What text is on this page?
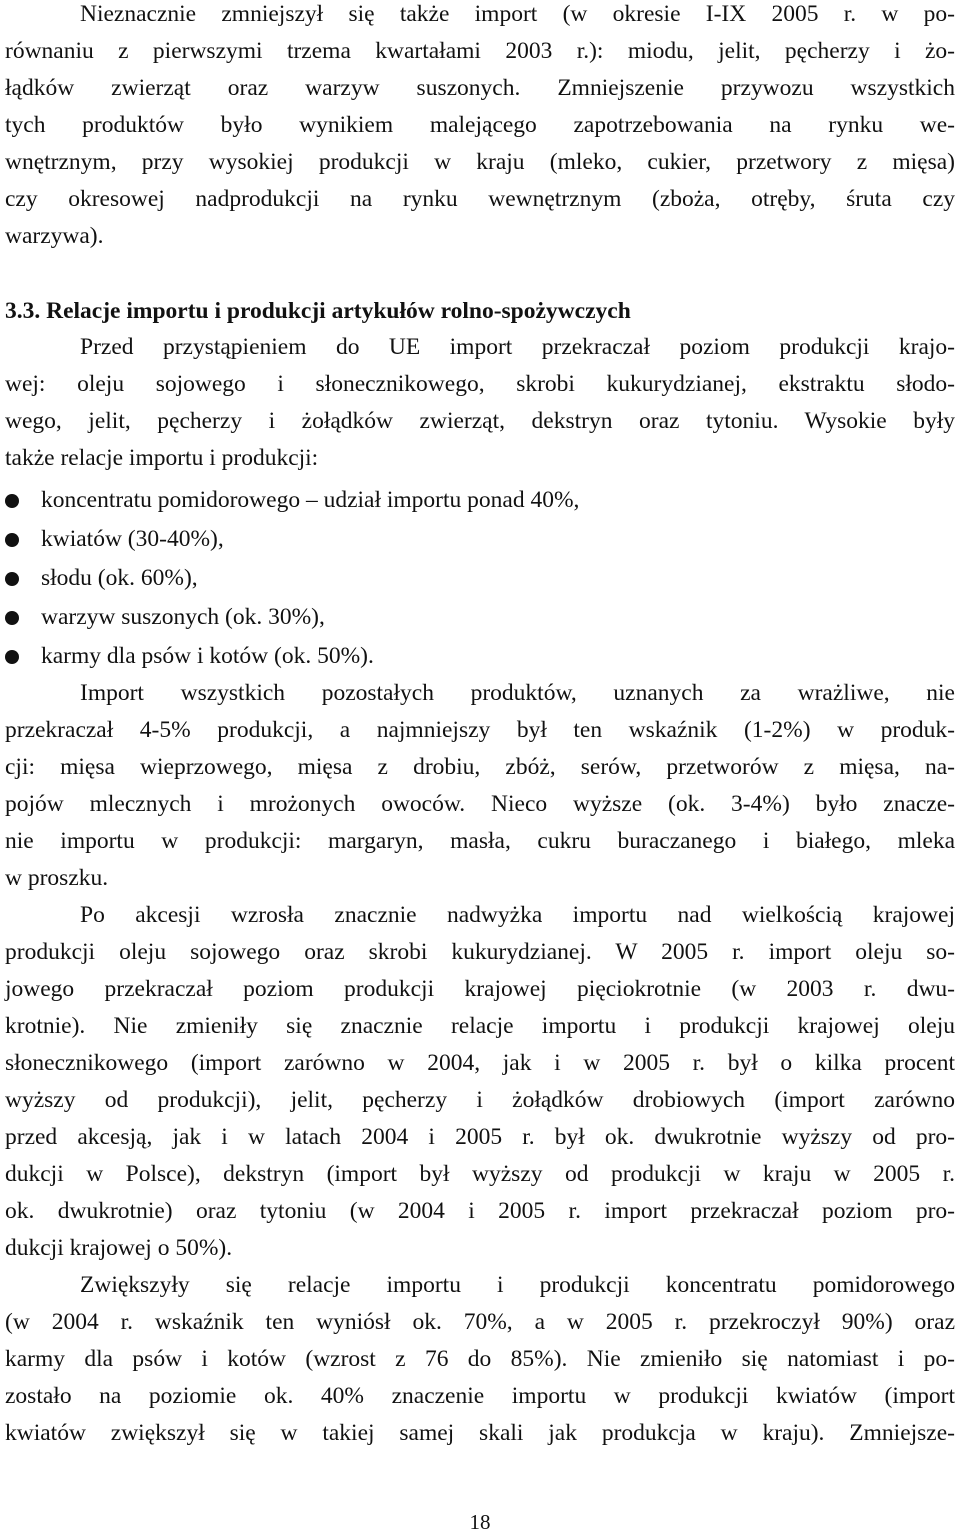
Nieznacznie zmniejszył się także import (w okresie I-IX 2005 r. w po-
równaniu z pierwszymi trzema kwartałami 2003 r.): miodu, jelit, pęcherzy i żo-
łądków zwierząt oraz warzyw suszonych. Zmniejszenie przywozu wszystkich
tych produktów było wynikiem malejącego zapotrzebowania na rynku we-
wnętrznym, przy wysokiej produkcji w kraju (mleko, cukier, przetwory z mięsa)
czy okresowej nadprodukcji na rynku wewnętrznym (zboża, otręby, śruta czy
warzywa).
3.3. Relacje importu i produkcji artykułów rolno-spożywczych
Przed przystąpieniem do UE import przekraczał poziom produkcji krajo-
wej: oleju sojowego i słonecznikowego, skrobi kukurydzianej, ekstraktu słodo-
wego, jelit, pęcherzy i żołądków zwierząt, dekstryn oraz tytoniu. Wysokie były
także relacje importu i produkcji:
koncentratu pomidorowego – udział importu ponad 40%,
kwiatów (30-40%),
słodu (ok. 60%),
warzyw suszonych (ok. 30%),
karmy dla psów i kotów (ok. 50%).
Import wszystkich pozostałych produktów, uznanych za wrażliwe, nie
przekraczał 4-5% produkcji, a najmniejszy był ten wskaźnik (1-2%) w produk-
cji: mięsa wieprzowego, mięsa z drobiu, zbóż, serów, przetworów z mięsa, na-
pojów mlecznych i mrożonych owoców. Nieco wyższe (ok. 3-4%) było znacze-
nie importu w produkcji: margaryn, masła, cukru buraczanego i białego, mleka
w proszku.
Po akcesji wzrosła znacznie nadwyżka importu nad wielkością krajowej
produkcji oleju sojowego oraz skrobi kukurydzianej. W 2005 r. import oleju so-
jowego przekraczał poziom produkcji krajowej pięciokrotnie (w 2003 r. dwu-
krotnie). Nie zmieniły się znacznie relacje importu i produkcji krajowej oleju
słonecznikowego (import zarówno w 2004, jak i w 2005 r. był o kilka procent
wyższy od produkcji), jelit, pęcherzy i żołądków drobiowych (import zarówno
przed akcesją, jak i w latach 2004 i 2005 r. był ok. dwukrotnie wyższy od pro-
dukcji w Polsce), dekstryn (import był wyższy od produkcji w kraju w 2005 r.
ok. dwukrotnie) oraz tytoniu (w 2004 i 2005 r. import przekraczał poziom pro-
dukcji krajowej o 50%).
Zwiększyły się relacje importu i produkcji koncentratu pomidorowego
(w 2004 r. wskaźnik ten wyniósł ok. 70%, a w 2005 r. przekroczył 90%) oraz
karmy dla psów i kotów (wzrost z 76 do 85%). Nie zmieniło się natomiast i po-
zostało na poziomie ok. 40% znaczenie importu w produkcji kwiatów (import
kwiatów zwiększył się w takiej samej skali jak produkcja w kraju). Zmniejsze-
18
